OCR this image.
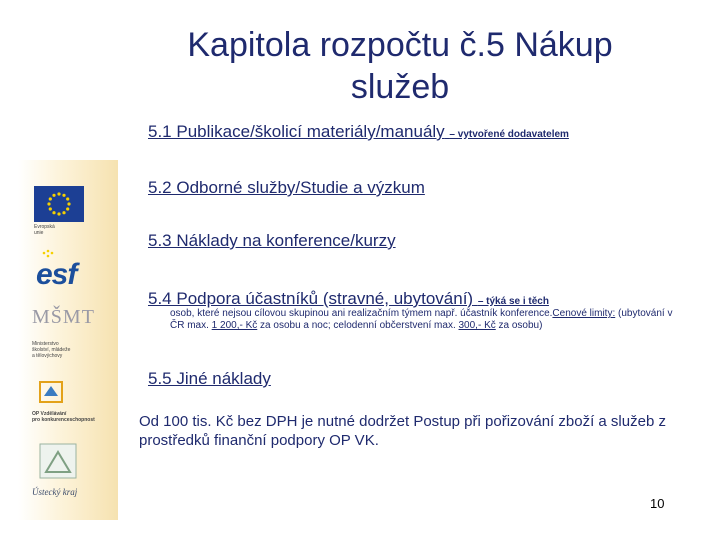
Evropská
unie
esf
MŠMT
Ministerstvo
školství, mládeže
a tělovýchovy
OP Vzdělávání
pro konkurenceschopnost
Ústecký kraj
Kapitola rozpočtu č.5 Nákup
služeb
5.1 Publikace/školicí materiály/manuály – vytvořené dodavatelem
5.2 Odborné služby/Studie a výzkum
5.3 Náklady na konference/kurzy
5.4 Podpora účastníků (stravné, ubytování) – týká se i těch
osob, které nejsou cílovou skupinou ani realizačním týmem např. účastník konference.Cenové limity: (ubytování v ČR max. 1 200,- Kč za osobu a noc; celodenní občerstvení max. 300,- Kč za osobu)
5.5 Jiné náklady
Od 100 tis. Kč bez DPH je nutné dodržet Postup při pořizování zboží a služeb z prostředků finanční podpory OP VK.
10
